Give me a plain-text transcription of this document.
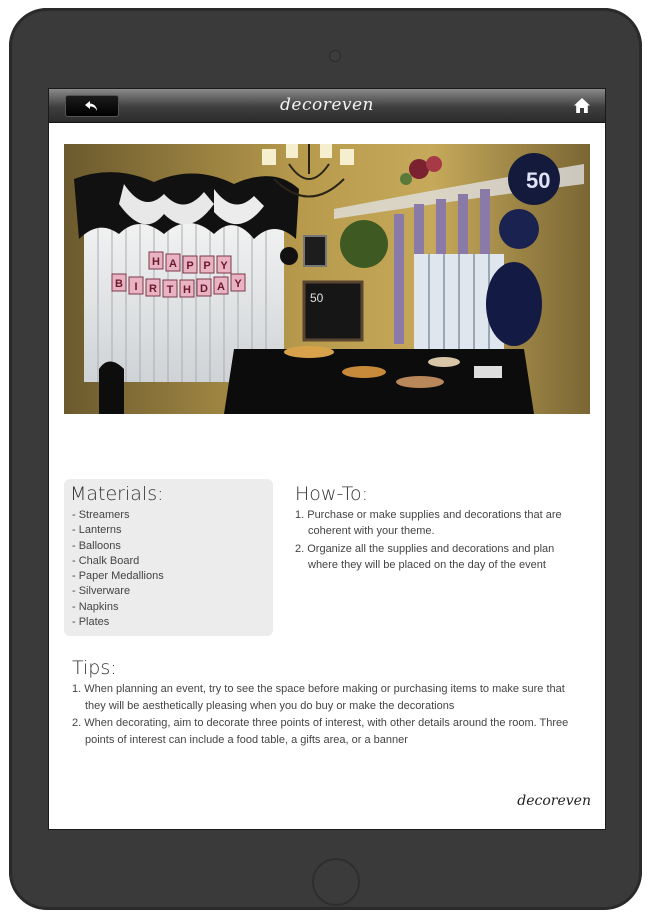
decoreven
50
50
H A P P Y
B I R T H D A Y
Materials:
- Streamers
- Lanterns
- Balloons
- Chalk Board
- Paper Medallions
- Silverware
- Napkins
- Plates
How-To:
1. Purchase or make supplies and decorations that are coherent with your theme.
2. Organize all the supplies and decorations and plan where they will be placed on the day of the event
Tips:
1. When planning an event, try to see the space before making or purchasing items to make sure that they will be aesthetically pleasing when you do buy or make the decorations
2. When decorating, aim to decorate three points of interest, with other details around the room. Three points of interest can include a food table, a gifts area, or a banner
decoreven
